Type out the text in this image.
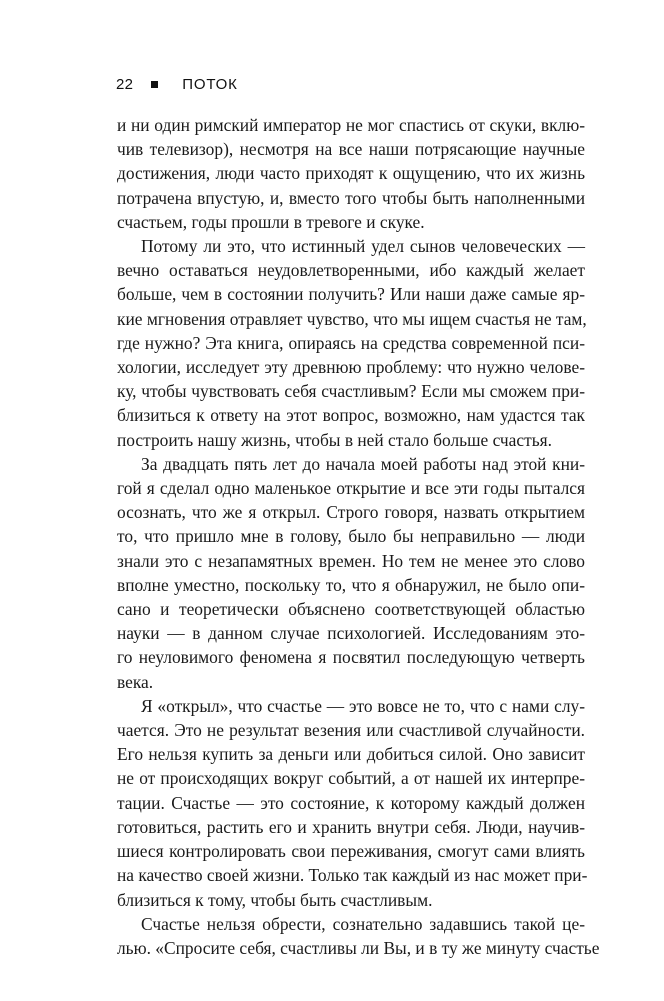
22	ПОТОК

и ни один римский император не мог спастись от скуки, вклю-
чив телевизор), несмотря на все наши потрясающие научные
достижения, люди часто приходят к ощущению, что их жизнь
потрачена впустую, и, вместо того чтобы быть наполненными
счастьем, годы прошли в тревоге и скуке.

Потому ли это, что истинный удел сынов человеческих —
вечно оставаться неудовлетворенными, ибо каждый желает
больше, чем в состоянии получить? Или наши даже самые яр-
кие мгновения отравляет чувство, что мы ищем счастья не там,
где нужно? Эта книга, опираясь на средства современной пси-
хологии, исследует эту древнюю проблему: что нужно челове-
ку, чтобы чувствовать себя счастливым? Если мы сможем при-
близиться к ответу на этот вопрос, возможно, нам удастся так
построить нашу жизнь, чтобы в ней стало больше счастья.

За двадцать пять лет до начала моей работы над этой кни-
гой я сделал одно маленькое открытие и все эти годы пытался
осознать, что же я открыл. Строго говоря, назвать открытием
то, что пришло мне в голову, было бы неправильно — люди
знали это с незапамятных времен. Но тем не менее это слово
вполне уместно, поскольку то, что я обнаружил, не было опи-
сано и теоретически объяснено соответствующей областью
науки — в данном случае психологией. Исследованиям это-
го неуловимого феномена я посвятил последующую четверть
века.

Я «открыл», что счастье — это вовсе не то, что с нами слу-
чается. Это не результат везения или счастливой случайности.
Его нельзя купить за деньги или добиться силой. Оно зависит
не от происходящих вокруг событий, а от нашей их интерпре-
тации. Счастье — это состояние, к которому каждый должен
готовиться, растить его и хранить внутри себя. Люди, научив-
шиеся контролировать свои переживания, смогут сами влиять
на качество своей жизни. Только так каждый из нас может при-
близиться к тому, чтобы быть счастливым.

Счастье нельзя обрести, сознательно задавшись такой це-
лью. «Спросите себя, счастливы ли Вы, и в ту же минуту счастье
